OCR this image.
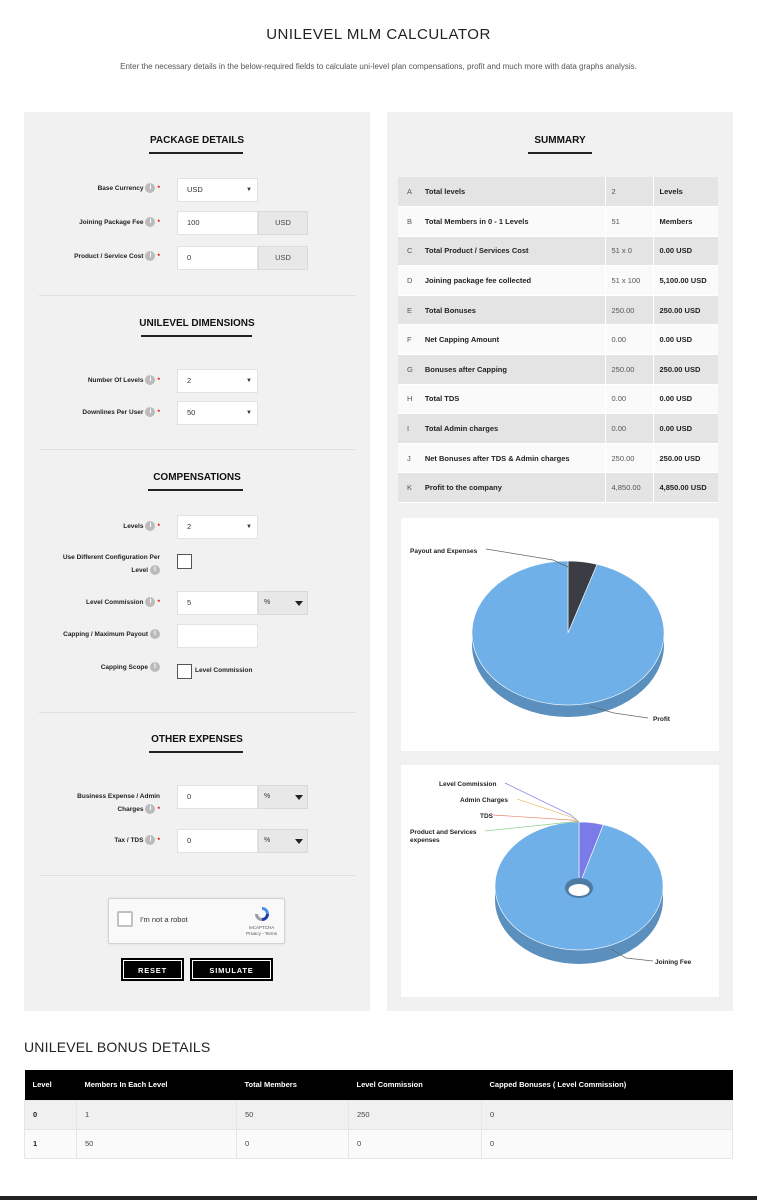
UNILEVEL MLM CALCULATOR
Enter the necessary details in the below-required fields to calculate uni-level plan compensations, profit and much more with data graphs analysis.
PACKAGE DETAILS
Base Currency i *	USD	▼
Joining Package Fee i *	100	USD
Product / Service Cost i *	0	USD
UNILEVEL DIMENSIONS
Number Of Levels i *	2	▼
Downlines Per User i *	50	▼
COMPENSATIONS
Levels i *	2	▼
Use Different Configuration Per
Level i
Level Commission i *	5	%
Capping / Maximum Payout i
Capping Scope i
Level Commission
OTHER EXPENSES
Business Expense / Admin
Charges i *
0	%
Tax / TDS i *	0	%
I'm not a robot
reCAPTCHA
Privacy - Terms
RESET	SIMULATE
SUMMARY
A	Total levels	2	Levels
B	Total Members in 0 - 1 Levels	51	Members
C	Total Product / Services Cost	51 x 0	0.00 USD
D	Joining package fee collected	51 x 100	5,100.00 USD
E	Total Bonuses	250.00	250.00 USD
F	Net Capping Amount	0.00	0.00 USD
G	Bonuses after Capping	250.00	250.00 USD
H	Total TDS	0.00	0.00 USD
I	Total Admin charges	0.00	0.00 USD
J	Net Bonuses after TDS & Admin charges	250.00	250.00 USD
K	Profit to the company	4,850.00	4,850.00 USD
Payout and Expenses
Profit
Level Commission
Admin Charges
TDS
Product and Services
expenses
Joining Fee
UNILEVEL BONUS DETAILS
Level	Members In Each Level	Total Members	Level Commission	Capped Bonuses ( Level Commission)
0	1	50	250	0
1	50	0	0	0
